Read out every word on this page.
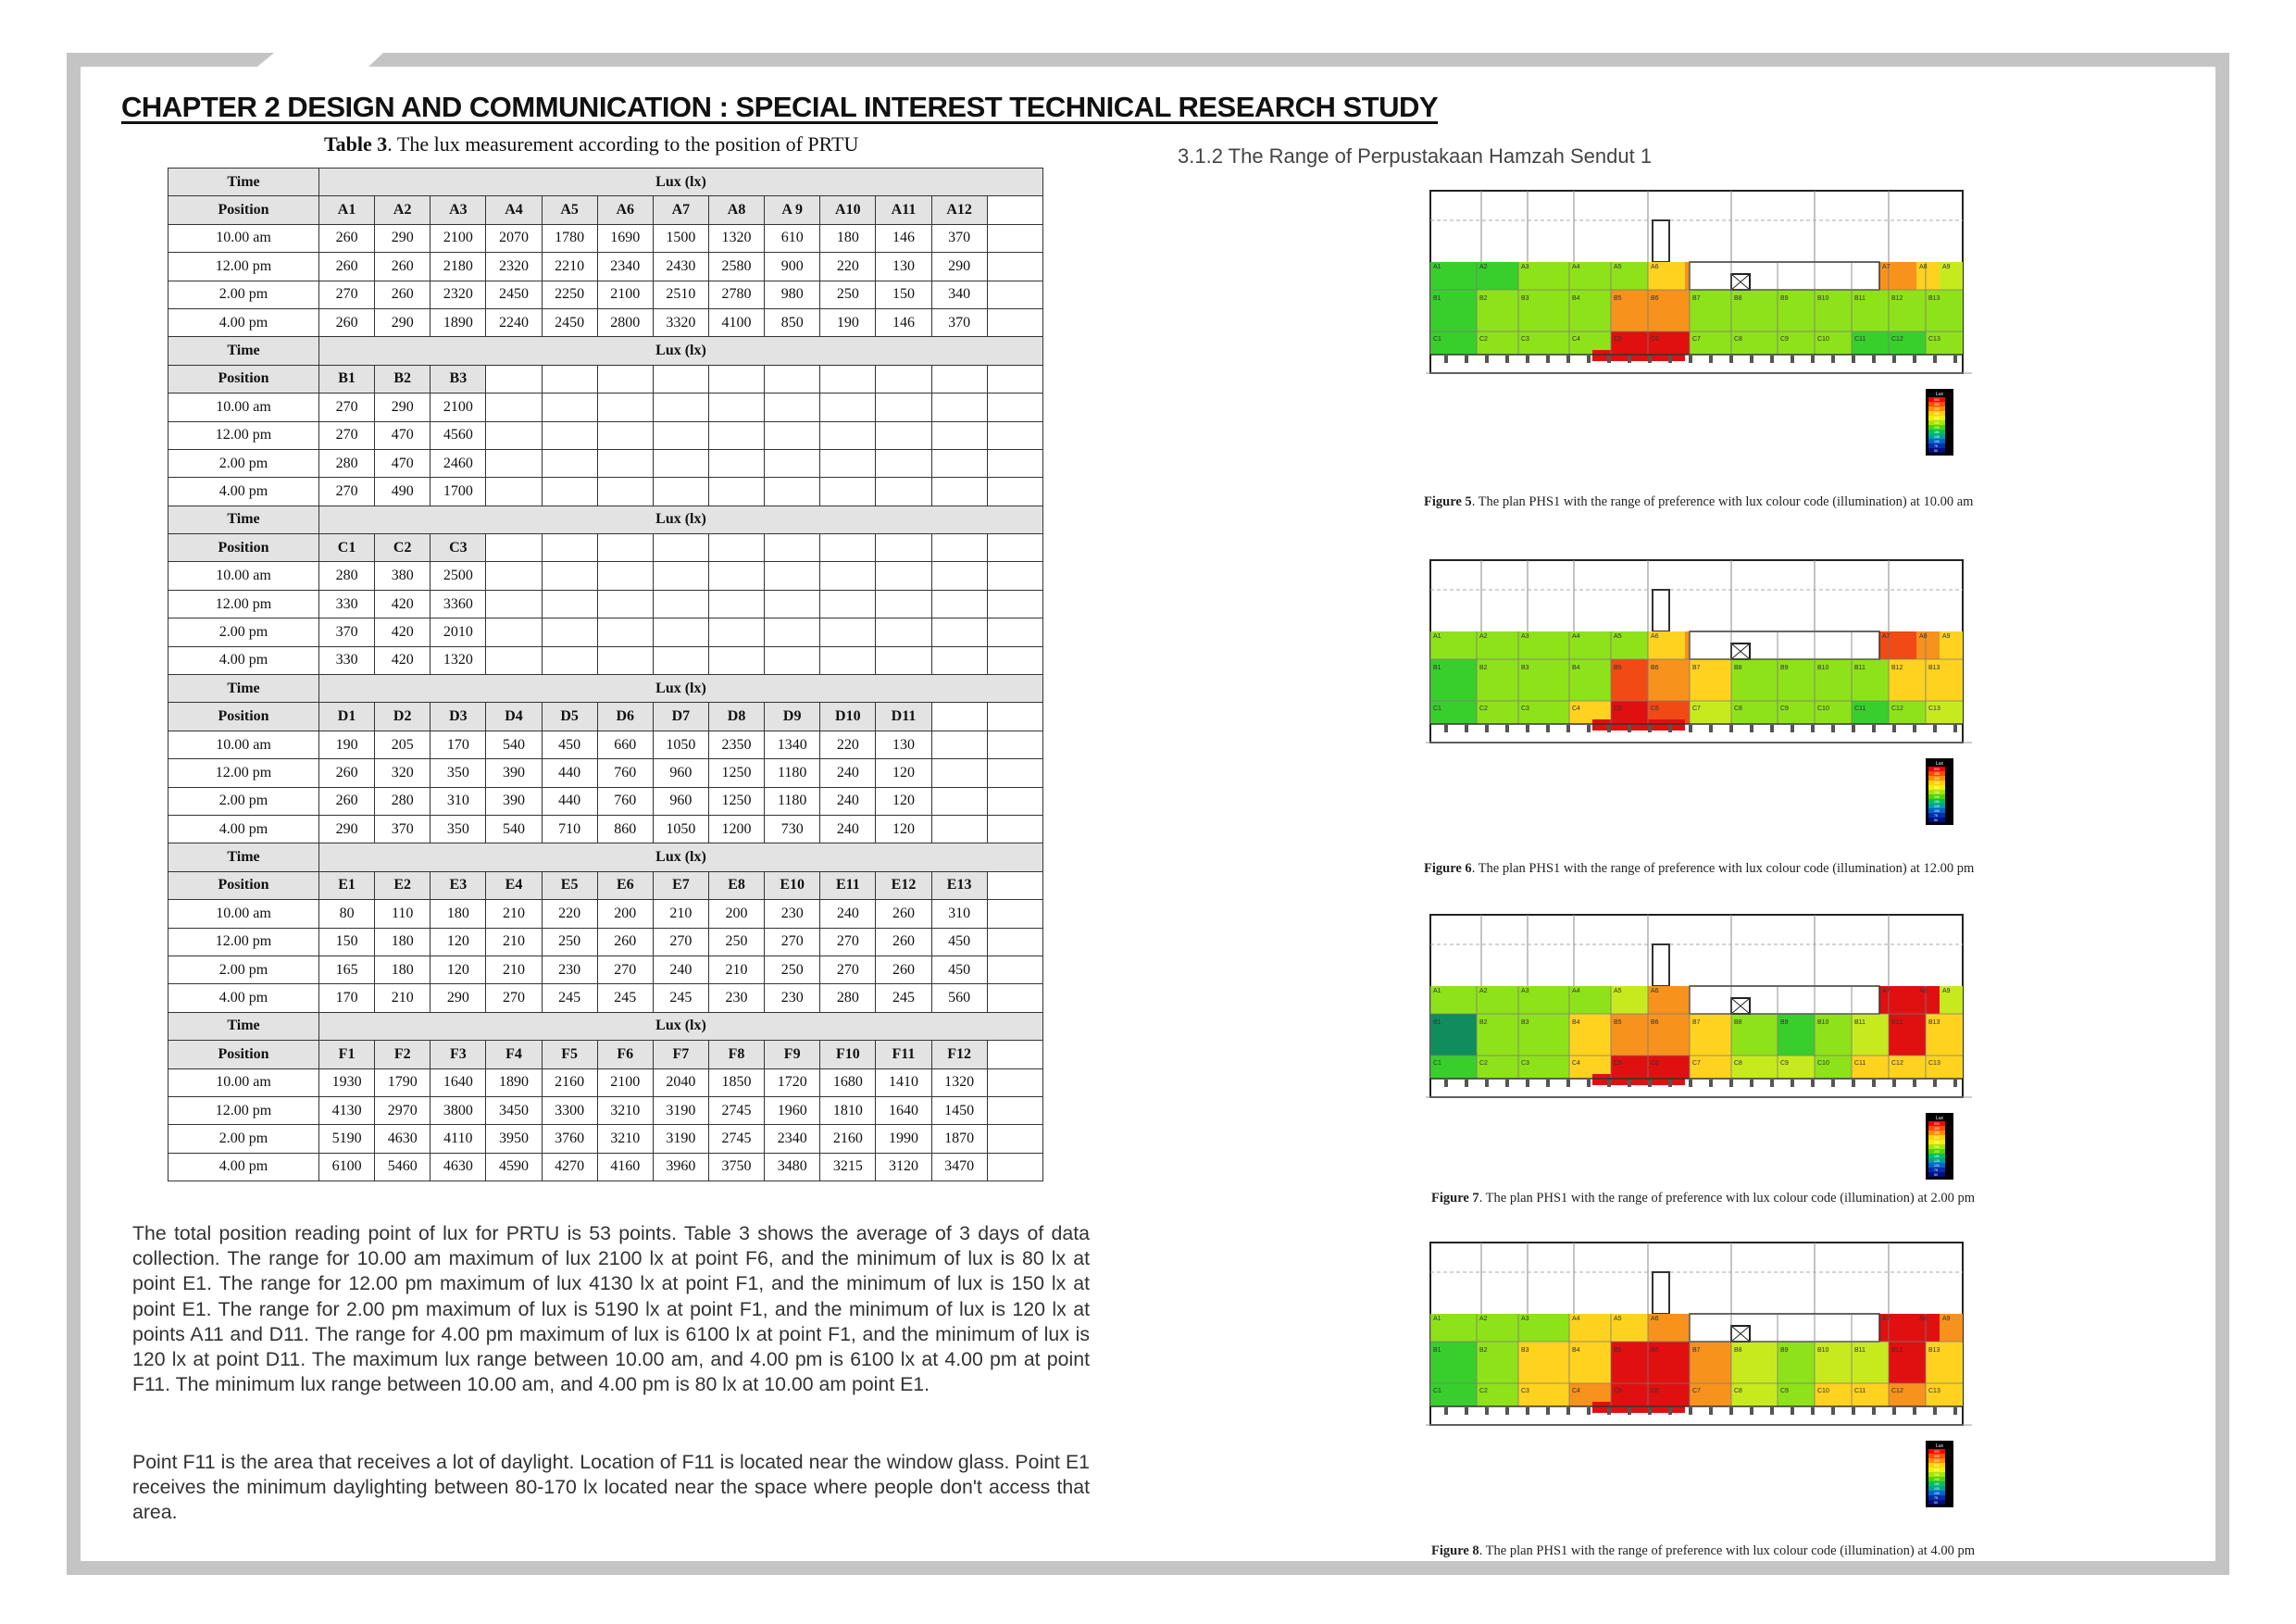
CHAPTER 2 DESIGN AND COMMUNICATION : SPECIAL INTEREST TECHNICAL RESEARCH STUDY
Table 3. The lux measurement according to the position of PRTU
Time	Lux (lx)												
Position	A1	A2	A3	A4	A5	A6	A7	A8	A 9	A10	A11	A12	
10.00 am	260	290	2100	2070	1780	1690	1500	1320	610	180	146	370	
12.00 pm	260	260	2180	2320	2210	2340	2430	2580	900	220	130	290	
2.00 pm	270	260	2320	2450	2250	2100	2510	2780	980	250	150	340	
4.00 pm	260	290	1890	2240	2450	2800	3320	4100	850	190	146	370	
Time	Lux (lx)												
Position	B1	B2	B3										
10.00 am	270	290	2100										
12.00 pm	270	470	4560										
2.00 pm	280	470	2460										
4.00 pm	270	490	1700										
Time	Lux (lx)												
Position	C1	C2	C3										
10.00 am	280	380	2500										
12.00 pm	330	420	3360										
2.00 pm	370	420	2010										
4.00 pm	330	420	1320										
Time	Lux (lx)												
Position	D1	D2	D3	D4	D5	D6	D7	D8	D9	D10	D11		
10.00 am	190	205	170	540	450	660	1050	2350	1340	220	130		
12.00 pm	260	320	350	390	440	760	960	1250	1180	240	120		
2.00 pm	260	280	310	390	440	760	960	1250	1180	240	120		
4.00 pm	290	370	350	540	710	860	1050	1200	730	240	120		
Time	Lux (lx)												
Position	E1	E2	E3	E4	E5	E6	E7	E8	E10	E11	E12	E13	
10.00 am	80	110	180	210	220	200	210	200	230	240	260	310	
12.00 pm	150	180	120	210	250	260	270	250	270	270	260	450	
2.00 pm	165	180	120	210	230	270	240	210	250	270	260	450	
4.00 pm	170	210	290	270	245	245	245	230	230	280	245	560	
Time	Lux (lx)												
Position	F1	F2	F3	F4	F5	F6	F7	F8	F9	F10	F11	F12	
10.00 am	1930	1790	1640	1890	2160	2100	2040	1850	1720	1680	1410	1320	
12.00 pm	4130	2970	3800	3450	3300	3210	3190	2745	1960	1810	1640	1450	
2.00 pm	5190	4630	4110	3950	3760	3210	3190	2745	2340	2160	1990	1870	
4.00 pm	6100	5460	4630	4590	4270	4160	3960	3750	3480	3215	3120	3470	
The total position reading point of lux for PRTU is 53 points. Table 3 shows the average of 3 days of data collection. The range for 10.00 am maximum of lux 2100 lx at point F6, and the minimum of lux is 80 lx at point E1. The range for 12.00 pm maximum of lux 4130 lx at point F1, and the minimum of lux is 150 lx at point E1. The range for 2.00 pm maximum of lux is 5190 lx at point F1, and the minimum of lux is 120 lx at points A11 and D11. The range for 4.00 pm maximum of lux is 6100 lx at point F1, and the minimum of lux is 120 lx at point D11. The maximum lux range between 10.00 am, and 4.00 pm is 6100 lx at 4.00 pm at point F11. The minimum lux range between 10.00 am, and 4.00 pm is 80 lx at 10.00 am point E1.
Point F11 is the area that receives a lot of daylight. Location of F11 is located near the window glass. Point E1 receives the minimum daylighting between 80-170 lx located near the space where people don't access that area.
3.1.2 The Range of Perpustakaan Hamzah Sendut 1
A1	A2	A3	A4	A5	A6	A7	A8 A9
B1	B2	B3	B4	B5	B6	B7	B8	B9	B10	B11	B12	B13
C1	C2	C3	C4	C5	C6	C7	C8	C9	C10	C11	C12	C13
Lux
500
450
400
350
300
250
200
150
125
100
75
50
A1	A2	A3	A4	A5	A6	A7	A8 A9
B1	B2	B3	B4	B5	B6	B7	B8	B9	B10	B11	B12	B13
C1	C2	C3	C4	C5	C6	C7	C8	C9	C10	C11	C12	C13
Lux
500
450
400
350
300
250
200
150
125
100
75
50
A1	A2	A3	A4	A5	A6	A7	A8 A9
B1	B2	B3	B4	B5	B6	B7	B8	B9	B10	B11	B12	B13
C1	C2	C3	C4	C5	C6	C7	C8	C9	C10	C11	C12	C13
Lux
500
450
400
350
300
250
200
150
125
100
75
50
A1	A2	A3	A4	A5	A6	A7	A8 A9
B1	B2	B3	B4	B5	B6	B7	B8	B9	B10	B11	B12	B13
C1	C2	C3	C4	C5	C6	C7	C8	C9	C10	C11	C12	C13
Lux
500
450
400
350
300
250
200
150
125
100
75
50
Figure 5. The plan PHS1 with the range of preference with lux colour code (illumination) at 10.00 am
Figure 6. The plan PHS1 with the range of preference with lux colour code (illumination) at 12.00 pm
Figure 7. The plan PHS1 with the range of preference with lux colour code (illumination) at 2.00 pm
Figure 8. The plan PHS1 with the range of preference with lux colour code (illumination) at 4.00 pm
